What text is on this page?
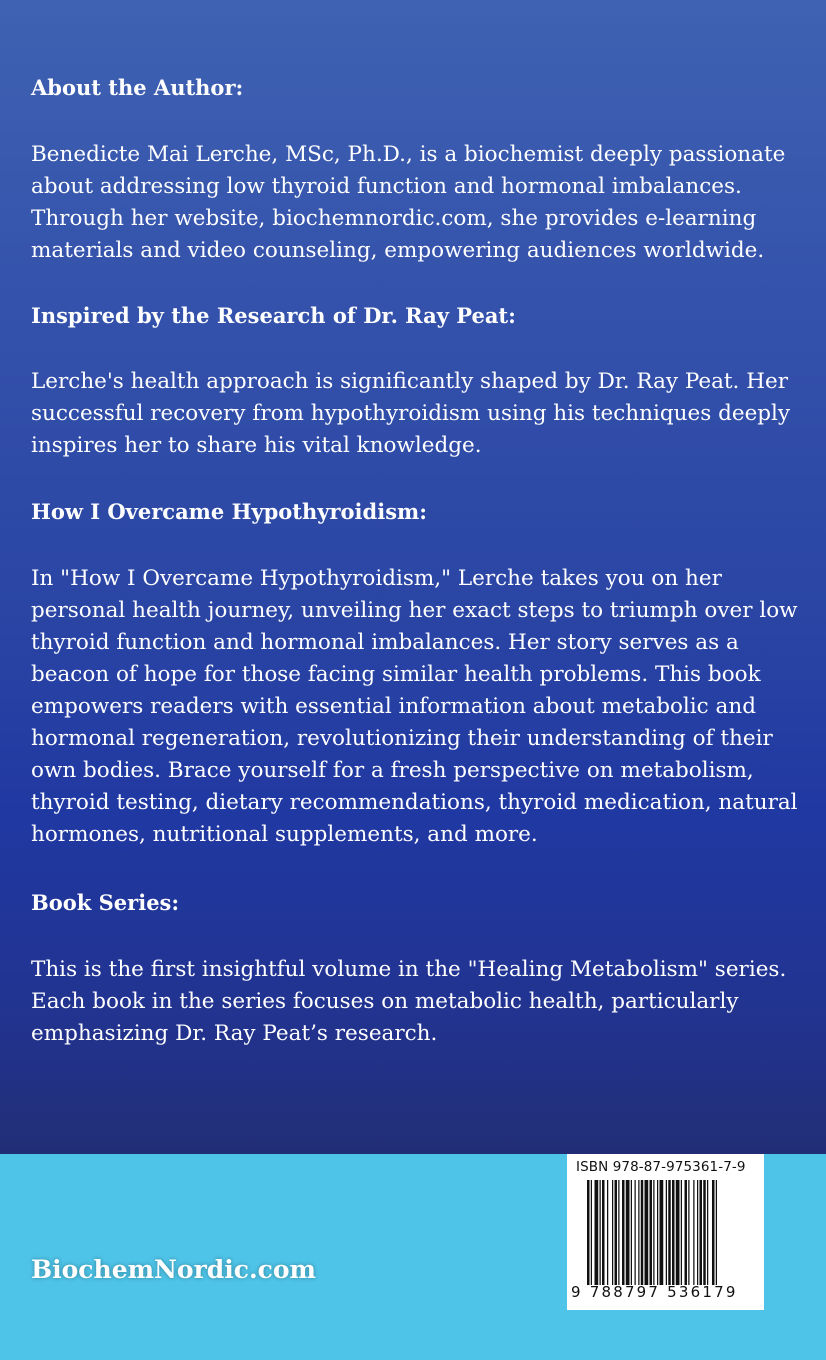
About the Author:

Benedicte Mai Lerche, MSc, Ph.D., is a biochemist deeply passionate about addressing low thyroid function and hormonal imbalances. Through her website, biochemnordic.com, she provides e-learning materials and video counseling, empowering audiences worldwide.

Inspired by the Research of Dr. Ray Peat:

Lerche's health approach is significantly shaped by Dr. Ray Peat. Her successful recovery from hypothyroidism using his techniques deeply inspires her to share his vital knowledge.

How I Overcame Hypothyroidism:

In "How I Overcame Hypothyroidism," Lerche takes you on her personal health journey, unveiling her exact steps to triumph over low thyroid function and hormonal imbalances. Her story serves as a beacon of hope for those facing similar health problems. This book empowers readers with essential information about metabolic and hormonal regeneration, revolutionizing their understanding of their own bodies. Brace yourself for a fresh perspective on metabolism, thyroid testing, dietary recommendations, thyroid medication, natural hormones, nutritional supplements, and more.

Book Series:

This is the first insightful volume in the "Healing Metabolism" series. Each book in the series focuses on metabolic health, particularly emphasizing Dr. Ray Peat’s research.

BiochemNordic.com
ISBN 978-87-975361-7-9
9 788797 536179
